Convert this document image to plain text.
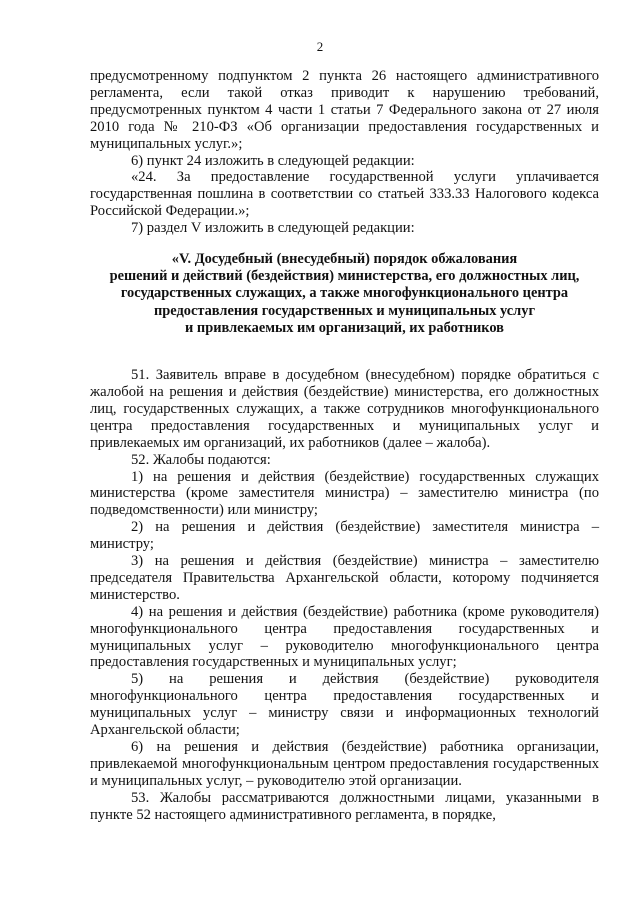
2

предусмотренному подпунктом 2 пункта 26 настоящего административного регламента, если такой отказ приводит к нарушению требований, предусмотренных пунктом 4 части 1 статьи 7 Федерального закона от 27 июля 2010 года № 210-ФЗ «Об организации предоставления государственных и муниципальных услуг.»;

6) пункт 24 изложить в следующей редакции:

«24. За предоставление государственной услуги уплачивается государственная пошлина в соответствии со статьей 333.33 Налогового кодекса Российской Федерации.»;

7) раздел V изложить в следующей редакции:

«V. Досудебный (внесудебный) порядок обжалования
решений и действий (бездействия) министерства, его должностных лиц,
государственных служащих, а также многофункционального центра
предоставления государственных и муниципальных услуг
и привлекаемых им организаций, их работников

51. Заявитель вправе в досудебном (внесудебном) порядке обратиться с жалобой на решения и действия (бездействие) министерства, его должностных лиц, государственных служащих, а также сотрудников многофункционального центра предоставления государственных и муниципальных услуг и привлекаемых им организаций, их работников (далее – жалоба).

52. Жалобы подаются:

1) на решения и действия (бездействие) государственных служащих министерства (кроме заместителя министра) – заместителю министра (по подведомственности) или министру;

2) на решения и действия (бездействие) заместителя министра – министру;

3) на решения и действия (бездействие) министра – заместителю председателя Правительства Архангельской области, которому подчиняется министерство.

4) на решения и действия (бездействие) работника (кроме руководителя) многофункционального центра предоставления государственных и муниципальных услуг – руководителю многофункционального центра предоставления государственных и муниципальных услуг;

5) на решения и действия (бездействие) руководителя многофункционального центра предоставления государственных и муниципальных услуг – министру связи и информационных технологий Архангельской области;

6) на решения и действия (бездействие) работника организации, привлекаемой многофункциональным центром предоставления государственных и муниципальных услуг, – руководителю этой организации.

53. Жалобы рассматриваются должностными лицами, указанными в пункте 52 настоящего административного регламента, в порядке,
